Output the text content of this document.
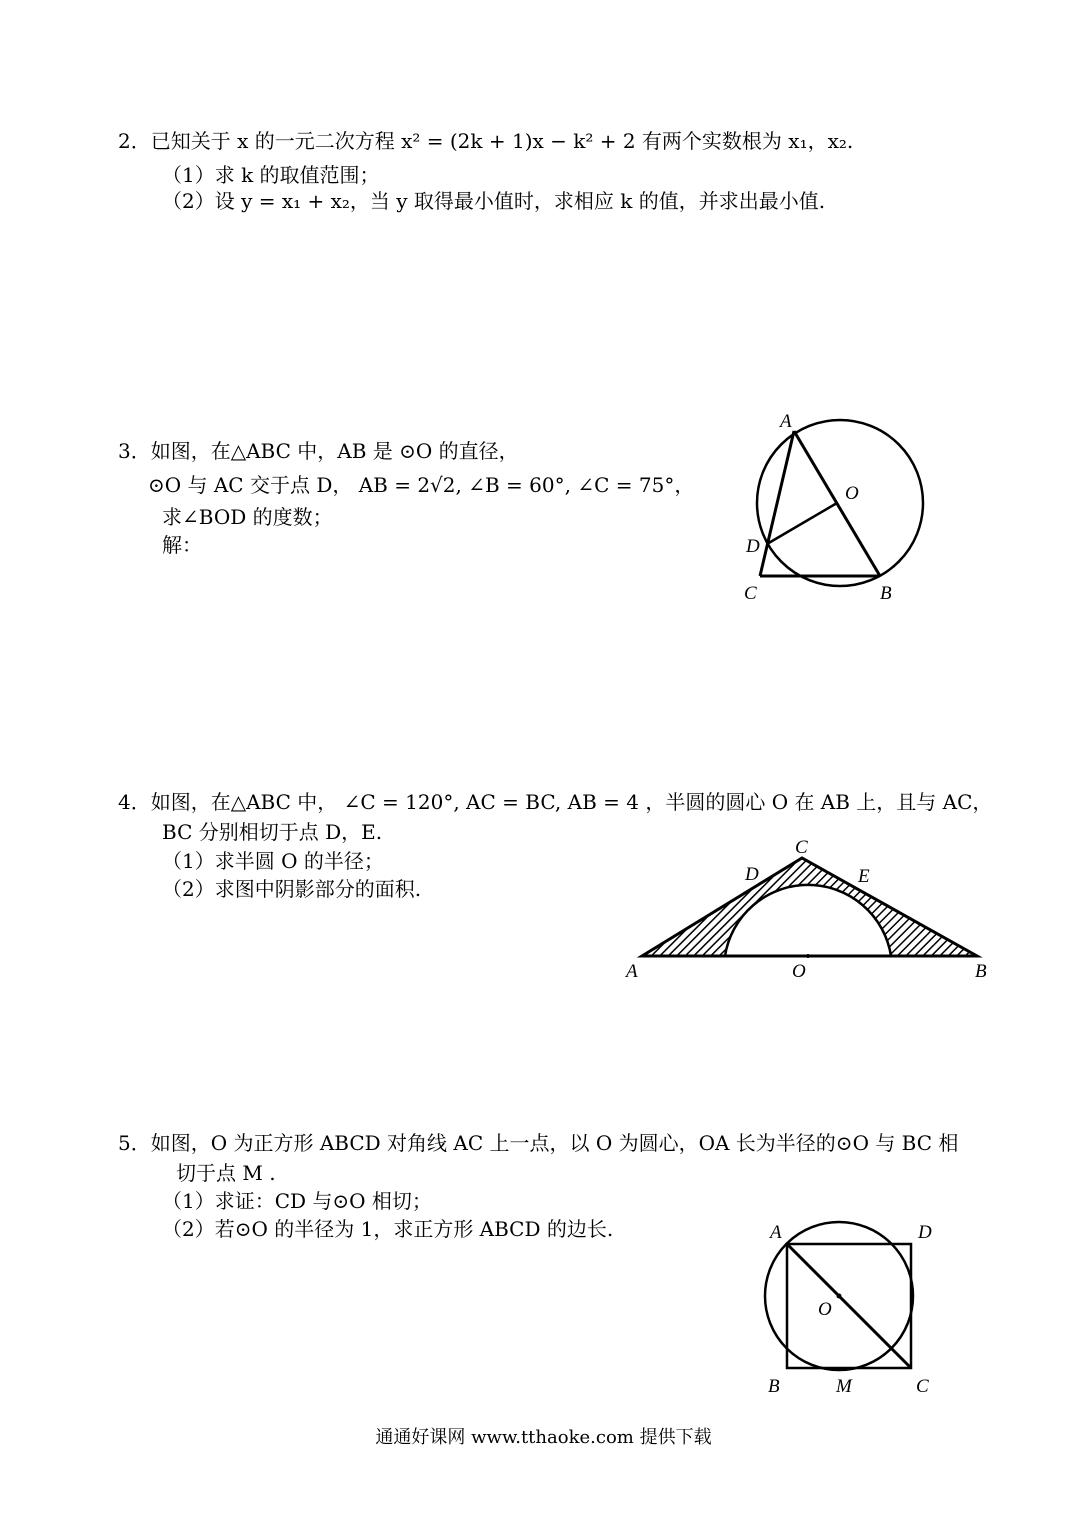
2．已知关于 x 的一元二次方程 x² = (2k + 1)x − k² + 2 有两个实数根为 x₁，x₂.
（1）求 k 的取值范围；
（2）设 y = x₁ + x₂，当 y 取得最小值时，求相应 k 的值，并求出最小值.
3．如图，在△ABC 中，AB 是 ⊙O 的直径，
⊙O 与 AC 交于点 D， AB = 2√2, ∠B = 60°, ∠C = 75°，
求∠BOD 的度数；
解：
A
O
D
C	B
4．如图，在△ABC 中， ∠C = 120°, AC = BC, AB = 4 ，半圆的圆心 O 在 AB 上，且与 AC，
BC 分别相切于点 D，E.
（1）求半圆 O 的半径；
（2）求图中阴影部分的面积.
A	O	B
C
D	E
5．如图，O 为正方形 ABCD 对角线 AC 上一点，以 O 为圆心，OA 长为半径的⊙O 与 BC 相
切于点 M .
（1）求证：CD 与⊙O 相切；
（2）若⊙O 的半径为 1，求正方形 ABCD 的边长.	A	D
O
B	M	C
通通好课网 www.tthaoke.com 提供下载
